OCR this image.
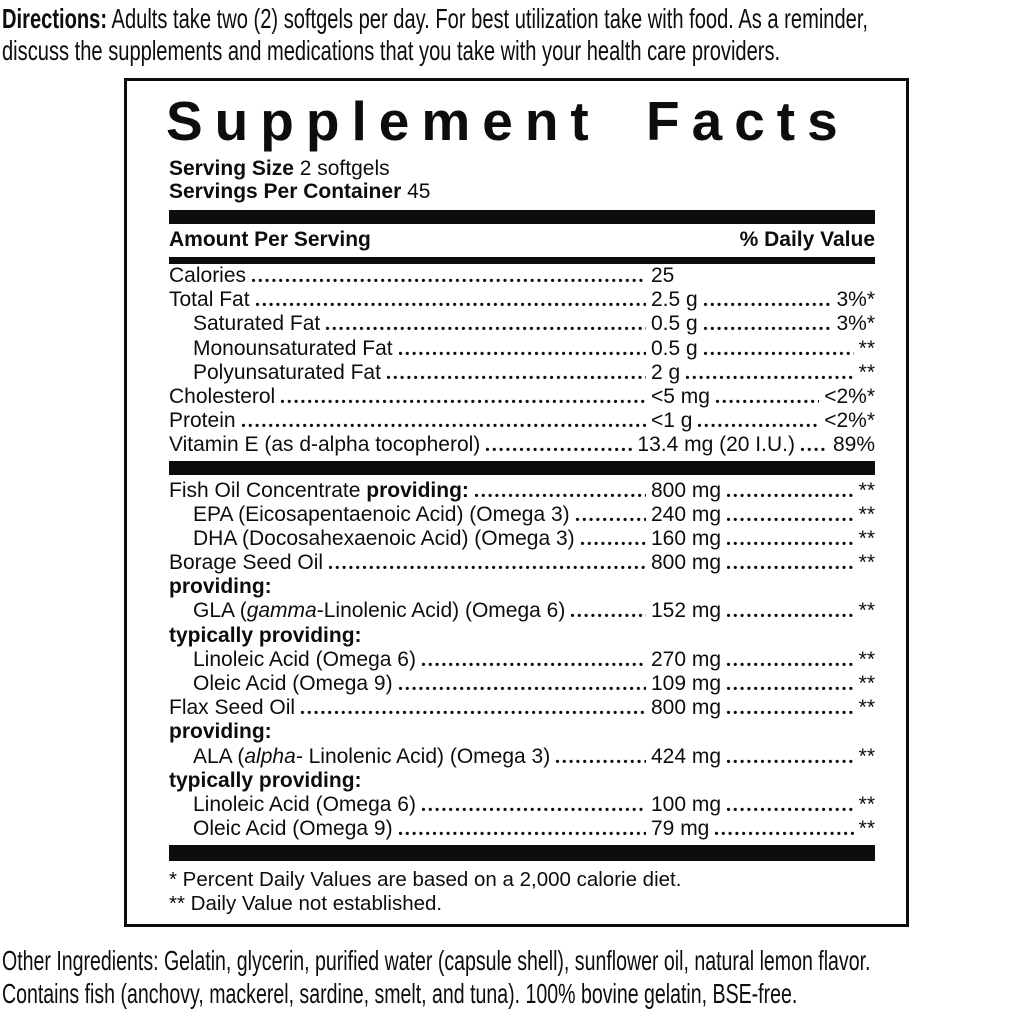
Directions: Adults take two (2) softgels per day. For best utilization take with food. As a reminder,
discuss the supplements and medications that you take with your health care providers.
Supplement Facts
Serving Size 2 softgels
Servings Per Container 45
Amount Per Serving	% Daily Value
Calories	25
Total Fat	2.5 g	3%*
Saturated Fat	0.5 g	3%*
Monounsaturated Fat	0.5 g	**
Polyunsaturated Fat	2 g	**
Cholesterol	<5 mg	<2%*
Protein	<1 g	<2%*
Vitamin E (as d-alpha tocopherol)	13.4 mg (20 I.U.) 89%
Fish Oil Concentrate providing:	800 mg	**
EPA (Eicosapentaenoic Acid) (Omega 3)	240 mg	**
DHA (Docosahexaenoic Acid) (Omega 3)	160 mg	**
Borage Seed Oil	800 mg	**
providing:
GLA (gamma-Linolenic Acid) (Omega 6)	152 mg	**
typically providing:
Linoleic Acid (Omega 6)	270 mg	**
Oleic Acid (Omega 9)	109 mg	**
Flax Seed Oil	800 mg	**
providing:
ALA (alpha- Linolenic Acid) (Omega 3)	424 mg	**
typically providing:
Linoleic Acid (Omega 6)	100 mg	**
Oleic Acid (Omega 9)	79 mg	**
* Percent Daily Values are based on a 2,000 calorie diet.
** Daily Value not established.
Other Ingredients: Gelatin, glycerin, purified water (capsule shell), sunflower oil, natural lemon flavor.
Contains fish (anchovy, mackerel, sardine, smelt, and tuna). 100% bovine gelatin, BSE-free.
